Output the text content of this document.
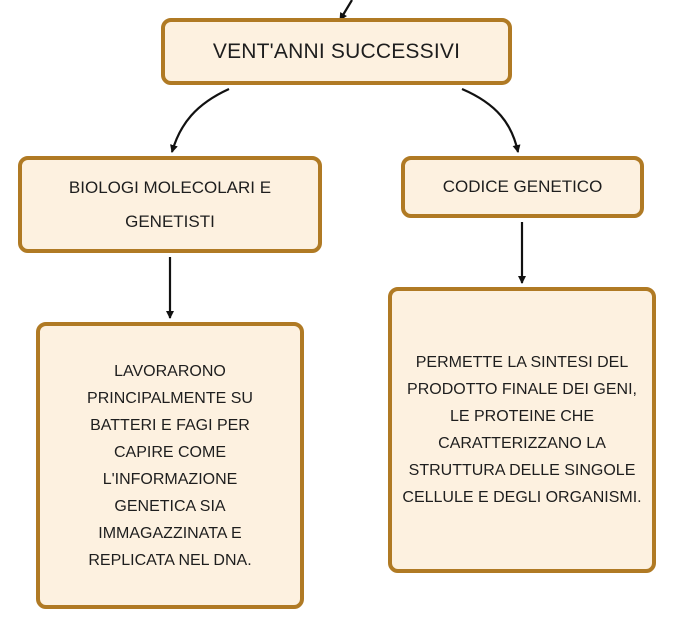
VENT'ANNI SUCCESSIVI
BIOLOGI MOLECOLARI E GENETISTI
CODICE GENETICO
LAVORARONO PRINCIPALMENTE SU BATTERI E FAGI PER CAPIRE COME L'INFORMAZIONE GENETICA SIA IMMAGAZZINATA E REPLICATA NEL DNA.
PERMETTE LA SINTESI DEL PRODOTTO FINALE DEI GENI, LE PROTEINE CHE CARATTERIZZANO LA STRUTTURA DELLE SINGOLE CELLULE E DEGLI ORGANISMI.
